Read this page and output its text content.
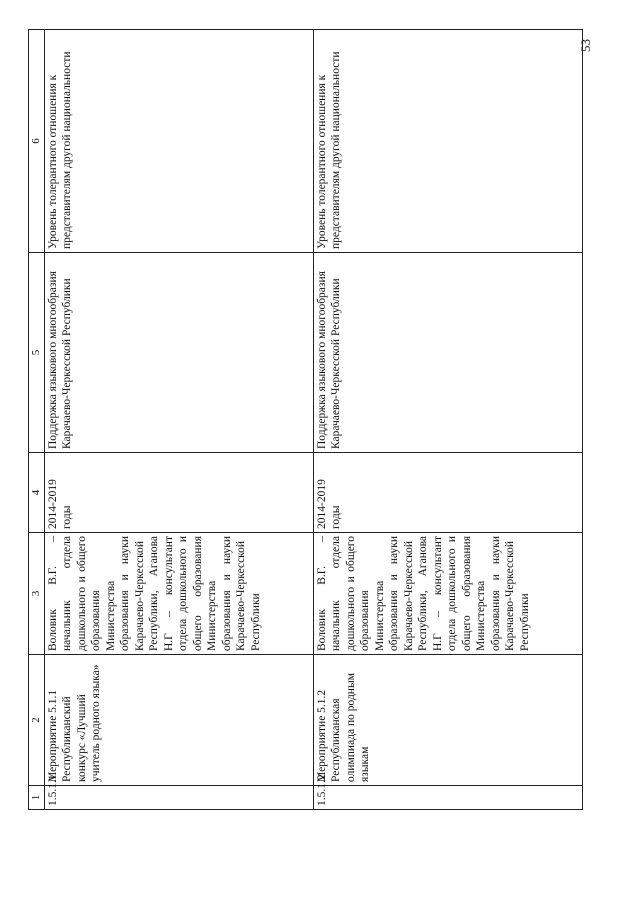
53
1	2	3	4	5	6
1.5.1.1	Мероприятие 5.1.1 Республиканский конкурс «Лучший учитель родного языка»	Воловик В.Г. – начальник отдела дошкольного и общего образования Министерства образования и науки Карачаево-Черкесской Республики, Аганова Н.Г – консультант отдела дошкольного и общего образования Министерства образования и науки Карачаево-Черкесской Республики	2014-2019 годы	Поддержка языкового многообразия Карачаево-Черкесской Республики	Уровень толерантного отношения к представителям другой национальности
1.5.1.2	Мероприятие 5.1.2 Республиканская олимпиада по родным языкам	Воловик В.Г. – начальник отдела дошкольного и общего образования Министерства образования и науки Карачаево-Черкесской Республики, Аганова Н.Г – консультант отдела дошкольного и общего образования Министерства образования и науки Карачаево-Черкесской Республики	2014-2019 годы	Поддержка языкового многообразия Карачаево-Черкесской Республики	Уровень толерантного отношения к представителям другой национальности
